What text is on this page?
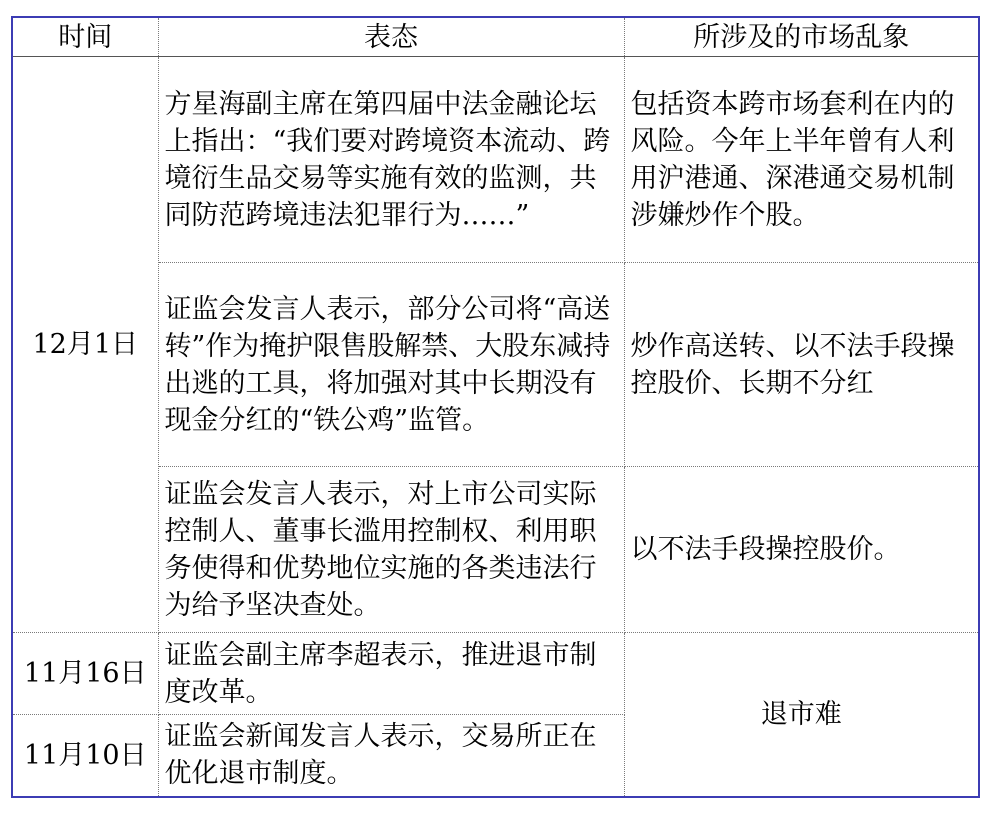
时间	表态	所涉及的市场乱象
12月1日	方星海副主席在第四届中法金融论坛上指出：“我们要对跨境资本流动、跨境衍生品交易等实施有效的监测，共同防范跨境违法犯罪行为……”	包括资本跨市场套利在内的风险。今年上半年曾有人利用沪港通、深港通交易机制涉嫌炒作个股。
	证监会发言人表示，部分公司将“高送转”作为掩护限售股解禁、大股东减持出逃的工具，将加强对其中长期没有现金分红的“铁公鸡”监管。	炒作高送转、以不法手段操控股价、长期不分红
	证监会发言人表示，对上市公司实际控制人、董事长滥用控制权、利用职务使得和优势地位实施的各类违法行为给予坚决查处。	以不法手段操控股价。
11月16日	证监会副主席李超表示，推进退市制度改革。	退市难
11月10日	证监会新闻发言人表示，交易所正在优化退市制度。	
